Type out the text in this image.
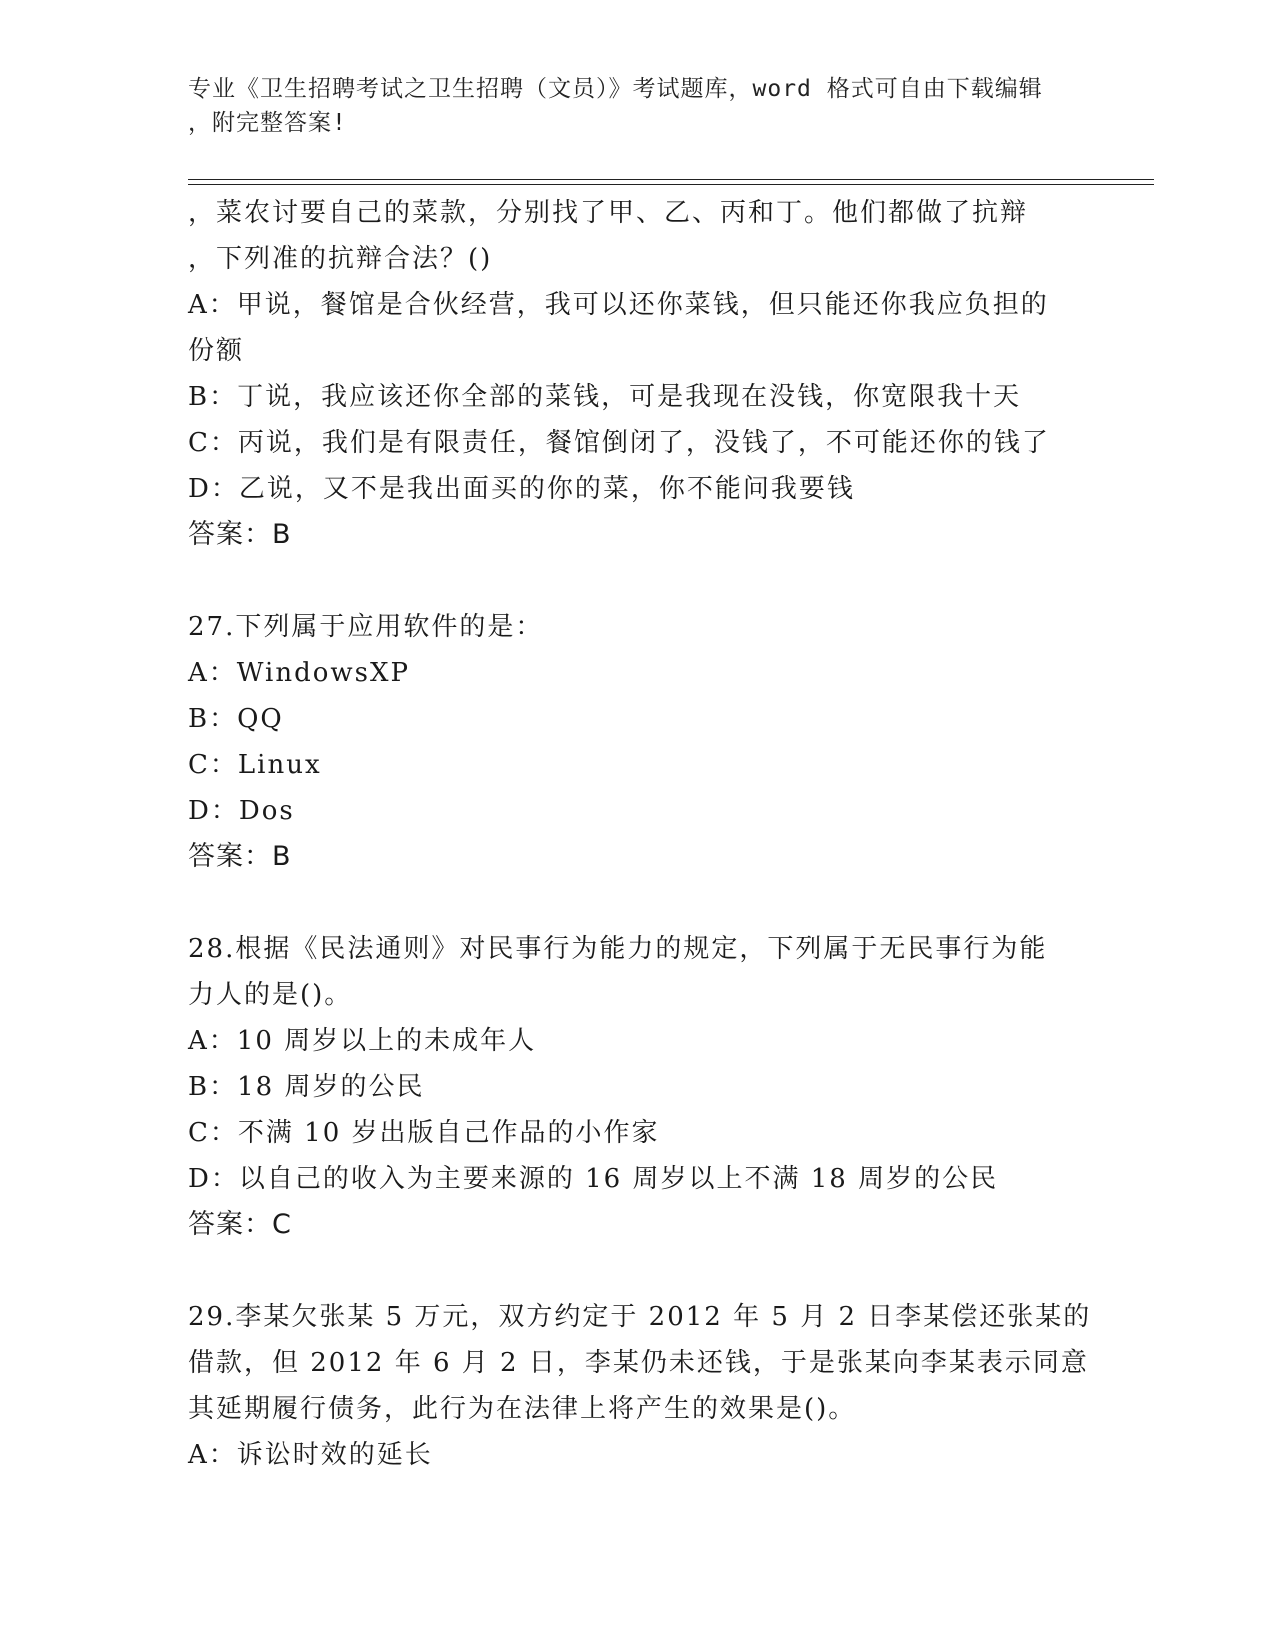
专业《卫生招聘考试之卫生招聘（文员）》考试题库，word 格式可自由下载编辑
，附完整答案!
，菜农讨要自己的菜款，分别找了甲、乙、丙和丁。他们都做了抗辩
，下列准的抗辩合法？()
A：甲说，餐馆是合伙经营，我可以还你菜钱，但只能还你我应负担的
份额
B：丁说，我应该还你全部的菜钱，可是我现在没钱，你宽限我十天
C：丙说，我们是有限责任，餐馆倒闭了，没钱了，不可能还你的钱了
D：乙说，又不是我出面买的你的菜，你不能问我要钱
答案：B
27.下列属于应用软件的是：
A：WindowsXP
B：QQ
C：Linux
D：Dos
答案：B
28.根据《民法通则》对民事行为能力的规定，下列属于无民事行为能
力人的是()。
A：10 周岁以上的未成年人
B：18 周岁的公民
C：不满 10 岁出版自己作品的小作家
D：以自己的收入为主要来源的 16 周岁以上不满 18 周岁的公民
答案：C
29.李某欠张某 5 万元，双方约定于 2012 年 5 月 2 日李某偿还张某的
借款，但 2012 年 6 月 2 日，李某仍未还钱，于是张某向李某表示同意
其延期履行债务，此行为在法律上将产生的效果是()。
A：诉讼时效的延长
